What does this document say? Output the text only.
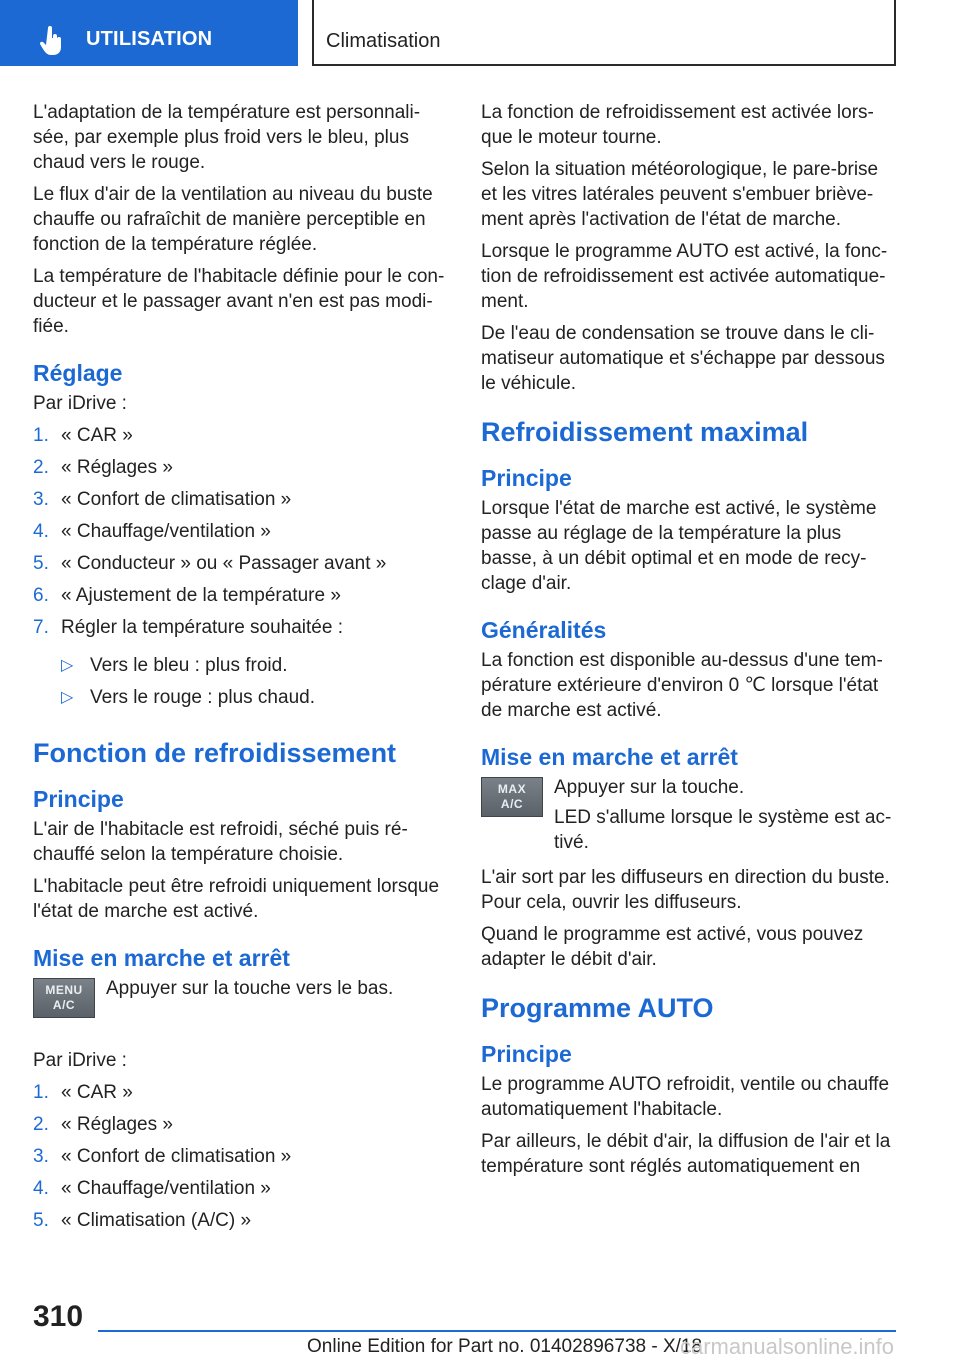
UTILISATION	Climatisation

L'adaptation de la température est personnali-sée, par exemple plus froid vers le bleu, plus chaud vers le rouge.

Le flux d'air de la ventilation au niveau du buste chauffe ou rafraîchit de manière perceptible en fonction de la température réglée.

La température de l'habitacle définie pour le con-ducteur et le passager avant n'en est pas modi-fiée.

Réglage

Par iDrive :

1. « CAR »
2. « Réglages »
3. « Confort de climatisation »
4. « Chauffage/ventilation »
5. « Conducteur » ou « Passager avant »
6. « Ajustement de la température »
7. Régler la température souhaitée :
▷ Vers le bleu : plus froid.
▷ Vers le rouge : plus chaud.
Fonction de refroidissement
Principe

L'air de l'habitacle est refroidi, séché puis ré-chauffé selon la température choisie.

L'habitacle peut être refroidi uniquement lorsque l'état de marche est activé.

Mise en marche et arrêt
MENU
A/C

Appuyer sur la touche vers le bas.

Par iDrive :

1. « CAR »
2. « Réglages »
3. « Confort de climatisation »
4. « Chauffage/ventilation »
5. « Climatisation (A/C) »

La fonction de refroidissement est activée lors-que le moteur tourne.

Selon la situation météorologique, le pare-brise et les vitres latérales peuvent s'embuer briève-ment après l'activation de l'état de marche.

Lorsque le programme AUTO est activé, la fonc-tion de refroidissement est activée automatique-ment.

De l'eau de condensation se trouve dans le cli-matiseur automatique et s'échappe par dessous le véhicule.

Refroidissement maximal
Principe

Lorsque l'état de marche est activé, le système passe au réglage de la température la plus basse, à un débit optimal et en mode de recy-clage d'air.

Généralités

La fonction est disponible au-dessus d'une tem-pérature extérieure d'environ 0 ℃ lorsque l'état de marche est activé.

Mise en marche et arrêt
MAX
A/C

Appuyer sur la touche.

LED s'allume lorsque le système est ac-tivé.

L'air sort par les diffuseurs en direction du buste. Pour cela, ouvrir les diffuseurs.

Quand le programme est activé, vous pouvez adapter le débit d'air.

Programme AUTO
Principe

Le programme AUTO refroidit, ventile ou chauffe automatiquement l'habitacle.

Par ailleurs, le débit d'air, la diffusion de l'air et la température sont réglés automatiquement en

310
Online Edition for Part no. 01402896738 - X/18
carmanualsonline.info
